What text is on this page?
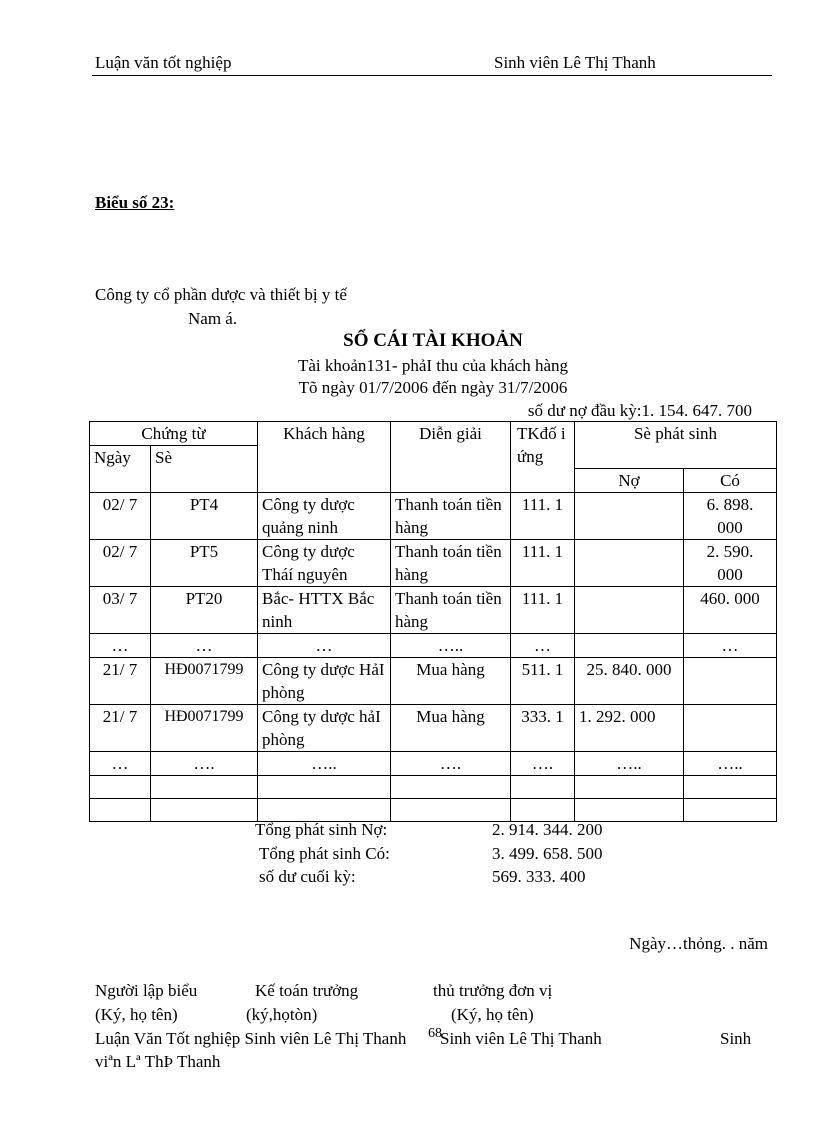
Luận văn tốt nghiệp	Sinh viên Lê Thị Thanh
Biểu số 23:
Công ty cổ phần dược và thiết bị y tế
Nam á.
SỔ CÁI TÀI KHOẢN
Tài khoản131- phảI thu của khách hàng
Tõ ngày 01/7/2006 đến ngày 31/7/2006
số dư nợ đầu kỳ:1. 154. 647. 700
Chứng từ		Khách hàng	Diễn giải	TKđố i ứng	Sè phát sinh	
Ngày	Sè					
					Nợ	Có
02/ 7	PT4	Công ty dược quảng ninh	Thanh toán tiền hàng	111. 1		6. 898. 000
02/ 7	PT5	Công ty dược Tháí nguyên	Thanh toán tiền hàng	111. 1		2. 590. 000
03/ 7	PT20	Bắc- HTTX Bắc ninh	Thanh toán tiền hàng	111. 1		460. 000
…	…	…	…..	…		…
21/ 7	HĐ0071799	Công ty dược HảI phòng	Mua hàng	511. 1	25. 840. 000	
21/ 7	HĐ0071799	Công ty dược hảI phòng	Mua hàng	333. 1	1. 292. 000	
…	….	…..	….	….	…..	…..

Tổng phát sinh Nợ:	2. 914. 344. 200
Tổng phát sinh Có:	3. 499. 658. 500
số dư cuối kỳ:	569. 333. 400
Ngày…thỏng. . năm
Người lập biểu	Kế toán trưởng	thủ trưởng đơn vị
(Ký, họ tên)	(ký,họtòn)	(Ký, họ tên)
Luận Văn Tốt nghiệp Sinh viên Lê Thị Thanh 68
Sinh viên Lê Thị Thanh	Sinh
viªn Lª ThÞ Thanh
